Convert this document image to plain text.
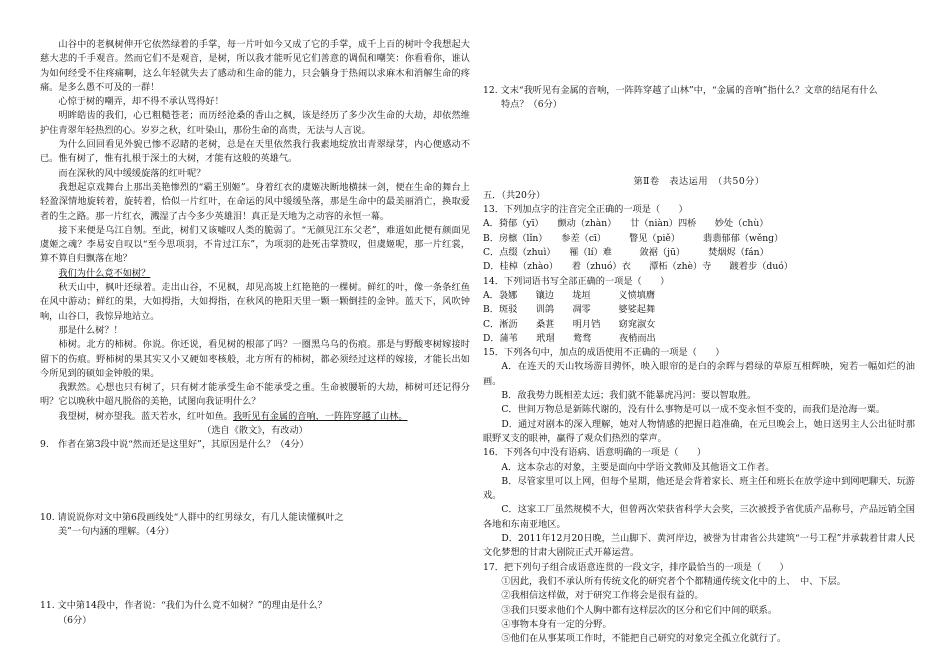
山谷中的老枫树伸开它依然绿着的手掌，每一片叶如今又成了它的手掌，成千上百的树叶令我想起大慈大悲的千手观音。然而它们不是观音，是树，所以我才能听见它们善意的调侃和嘲笑：你看看你，谁认为如何经受不住疼痛啊，这么年轻就失去了感动和生命的能力，只会躺身于热闹以求麻木和消解生命的疼痛。是多么愚不可及的一群！

心惊于树的嘲弄，却不得不承认骂得好！

明眸皓齿的我们，心已粗糙苍老；而历经沧桑的香山之枫，该是经历了多少次生命的大劫，却依然维护住青翠年轻热烈的心。岁岁之秋，红叶染山，那份生命的高贵，无法与人言说。

为什么回回看见外貌已惨不忍睹的老树，总是在天里依然我行我素地绽放出青翠绿芽，内心便感动不已。惟有树了，惟有扎根于深土的大树，才能有这般的英雄气。

而在深秋的风中缓缓旋落的红叶呢？

我想起京戏舞台上那出美艳惨烈的“霸王别姬”。身着红衣的虞姬决断地横抹一剑，便在生命的舞台上轻盈深情地旋转着，旋转着，恰似一片红叶，在命运的风中缓缓坠落，那是生命中的最美丽消亡，换取爱者的生之路。那一片红衣，溅湿了古今多少英雄泪！真正是天地为之动容的永恒一幕。

接下来便是乌江自刎。至此，树们又该嘘叹人类的脆弱了。“无颜见江东父老”，难道如此便有颜面见虞姬之魂？李易安自叹以“至今思项羽，不肯过江东”，为项羽的赴死击掌赞叹，但虞姬呢，那一片红裳，算不算自归飘落在地？

我们为什么竟不如树？

秋天山中，枫叶还绿着。走出山谷，不见枫，却见高坡上红艳艳的一棵树。鲜红的叶，像一条条红鱼在风中游动；鲜红的果，大如拇指，大如拇指，在秋风的艳阳天里一颗一颗倒挂的金钟。蓝天下，风吹钟响，山谷口，我惊异地站立。

那是什么树？！

柿树。北方的柿树。你说。你还说，看见树的根部了吗？一圈黑乌乌的伤痕。那是与野酸枣树嫁接时留下的伤痕。野柿树的果其实又小又硬如枣核般，北方所有的柿树，都必须经过这样的嫁接，才能长出如今所见到的硕如金钟般的果。

我默然。心想也只有树了，只有树才能承受生命不能承受之重。生命被腰斩的大劫，柿树可还记得分明？它以晚秋中超凡脱俗的美艳，试图向我证明什么？

我望树，树亦望我。蓝天若水，红叶如鱼。我听见有金属的音响，一阵阵穿越了山林。

（选自《散文》，有改动）

9.　作者在第3段中说“然而还是这里好”，其原因是什么？（4分）

10. 请说说你对文中第6段画线处“人群中的红男绿女，有几人能读懂枫叶之

美”一句内涵的理解。（4分）

11. 文中第14段中，作者说：“我们为什么竟不如树？”的理由是什么？

（6分）

12. 文末“我听见有金属的音响，一阵阵穿越了山林”中，“金属的音响”指什么？文章的结尾有什么

特点？（6分）

第Ⅱ卷　表达运用　（共50分）

五．（共20分）

13．下列加点字的注音完全正确的一项是（　　）

A．猗郁（yī）　　颤动（zhàn）　　廿（niàn）四桥　　妙处（chù）

B．房檩（lǐn）　　参差（cī）　　　瞥见（piě）　　　翡翡郁郁（wěng）

C．点缀（zhuì）　　罹（lí）难　　　敛裾（jū）　　　焚烟烬（fán）

D．桂棹（zhào）　　着（zhuó）衣　　潭柘（zhè）寺　　踱着步（duó）

14．下列词语书写全部正确的一项是（　　）

A．袅娜　　镶边　　垅垣　　　义愤填膺

B．斑驳　　训鸽　　凋零　　　婆娑起舞

C．淅沥　　桑葚　　明月铛　　窈窕淑女

D．蒲苇　　玳瑁　　鹜骛　　　夜梢而出

15．下列各句中，加点的成语使用不正确的一项是（　　）

A．在连天的天山牧场游目骋怀，映入眼帘的是白的余晖与碧绿的草原互相辉映，宛若一幅如烂的油画。

B．敌我势力既相差太远；我们就不能暴虎冯河：要以智取胜。

C．世间万物总是新陈代谢的，没有什么事物是可以一成不变永恒不变的，而我们是沧海一粟。

D．通过对剧本的深入理解，她对人物情感的把握日趋准确，在元旦晚会上，她日送男主人公出征时那眼野叉支的眼神，赢得了观众们热烈的掌声。

16．下列各句中没有语病、语意明确的一项是（　　）

A．这本杂志的对象，主要是面向中学语文教师及其他语文工作者。

B．尽管家里可以上网，但每个星期，他还是会背着家长、班主任和班长在放学途中到网吧聊天、玩游戏。

C．这家工厂虽然规模不大，但曾两次荣获省科学大会奖，三次被授予省优质产品称号，产品远销全国各地和东南亚地区。

D．2011年12月20日晚，兰山脚下、黄河岸边，被誉为甘肃省公共建筑“一号工程”并承载着甘肃人民文化梦想的甘肃大剧院正式开幕运营。

17．把下列句子组合成语意连贯的一段文字，排序最恰当的一项是（　　）

①因此，我们不承认所有传统文化的研究者个个都精通传统文化中的上、　中、下层。

②我相信这样做，对于研究工作将会是很有益的。

③我们只要求他们个人胸中都有这样层次的区分和它们中间的联系。

④事物本身有一定的分野。

⑤他们在从事某项工作时，不能把自己研究的对象完全孤立化就行了。
